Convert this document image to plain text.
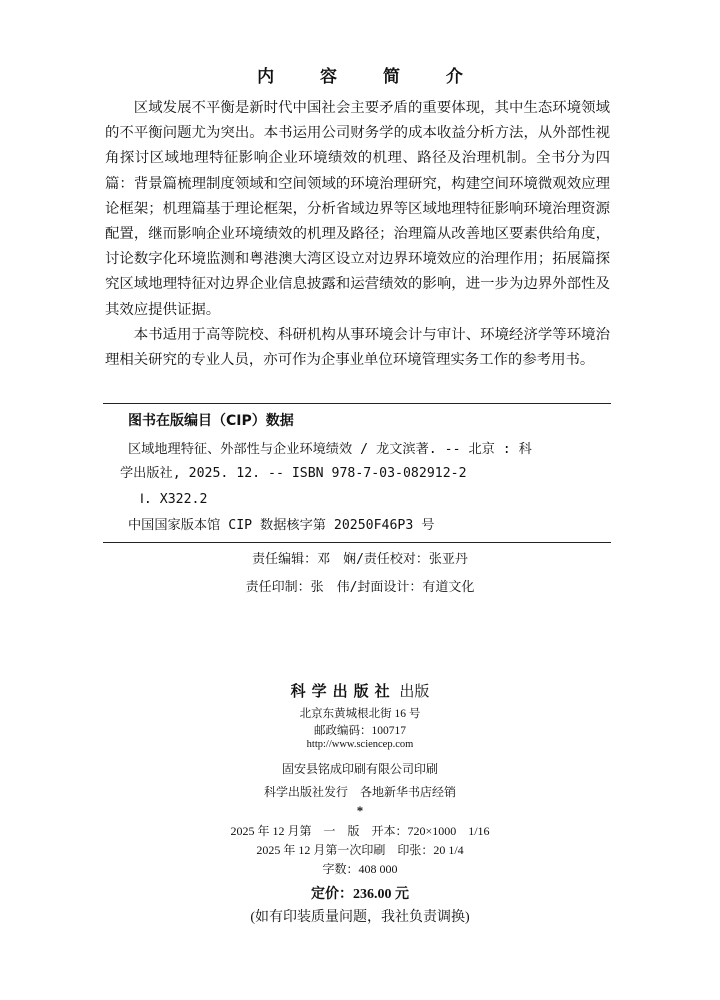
内 容 简 介

区域发展不平衡是新时代中国社会主要矛盾的重要体现，其中生态环境领域的不平衡问题尤为突出。本书运用公司财务学的成本收益分析方法，从外部性视角探讨区域地理特征影响企业环境绩效的机理、路径及治理机制。全书分为四篇：背景篇梳理制度领域和空间领域的环境治理研究，构建空间环境微观效应理论框架；机理篇基于理论框架，分析省域边界等区域地理特征影响环境治理资源配置，继而影响企业环境绩效的机理及路径；治理篇从改善地区要素供给角度，讨论数字化环境监测和粤港澳大湾区设立对边界环境效应的治理作用；拓展篇探究区域地理特征对边界企业信息披露和运营绩效的影响，进一步为边界外部性及其效应提供证据。

本书适用于高等院校、科研机构从事环境会计与审计、环境经济学等环境治理相关研究的专业人员，亦可作为企事业单位环境管理实务工作的参考用书。

图书在版编目（CIP）数据
区域地理特征、外部性与企业环境绩效 / 龙文滨著. -- 北京 : 科
学出版社, 2025. 12. -- ISBN 978-7-03-082912-2
Ⅰ. X322.2
中国国家版本馆 CIP 数据核字第 20250F46P3 号
责任编辑：邓　娴/责任校对：张亚丹
责任印制：张　伟/封面设计：有道文化
科学出版社 出版
北京东黄城根北街 16 号
邮政编码：100717
http://www.sciencep.com
固安县铭成印刷有限公司印刷
科学出版社发行　各地新华书店经销
*
2025 年 12 月第　一　版　开本：720×1000　1/16
2025 年 12 月第一次印刷　印张：20 1/4
字数：408 000
定价：236.00 元
(如有印装质量问题，我社负责调换)
